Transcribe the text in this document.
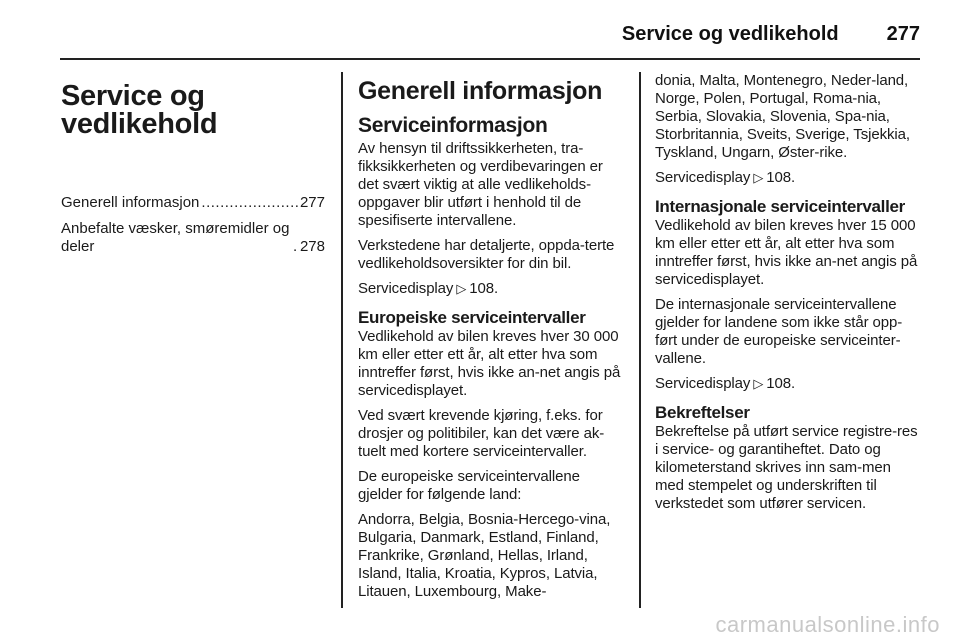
Service og vedlikehold 277
Service og vedlikehold
Generell informasjon .....	277
Anbefalte væsker, smøremidler og deler .....	278
Generell informasjon
Serviceinformasjon

Av hensyn til driftssikkerheten, tra-fikksikkerheten og verdibevaringen er det svært viktig at alle vedlikeholds-oppgaver blir utført i henhold til de spesifiserte intervallene.

Verkstedene har detaljerte, oppda-terte vedlikeholdsoversikter for din bil.

Servicedisplay ▷ 108.

Europeiske serviceintervaller

Vedlikehold av bilen kreves hver 30 000 km eller etter ett år, alt etter hva som inntreffer først, hvis ikke an-net angis på servicedisplayet.

Ved svært krevende kjøring, f.eks. for drosjer og politibiler, kan det være ak-tuelt med kortere serviceintervaller.

De europeiske serviceintervallene gjelder for følgende land:

Andorra, Belgia, Bosnia-Hercego-vina, Bulgaria, Danmark, Estland, Finland, Frankrike, Grønland, Hellas, Irland, Island, Italia, Kroatia, Kypros, Latvia, Litauen, Luxembourg, Make-

donia, Malta, Montenegro, Neder-land, Norge, Polen, Portugal, Roma-nia, Serbia, Slovakia, Slovenia, Spa-nia, Storbritannia, Sveits, Sverige, Tsjekkia, Tyskland, Ungarn, Øster-rike.

Servicedisplay ▷ 108.

Internasjonale serviceintervaller

Vedlikehold av bilen kreves hver 15 000 km eller etter ett år, alt etter hva som inntreffer først, hvis ikke an-net angis på servicedisplayet.

De internasjonale serviceintervallene gjelder for landene som ikke står opp-ført under de europeiske serviceinter-vallene.

Servicedisplay ▷ 108.

Bekreftelser

Bekreftelse på utført service registre-res i service- og garantiheftet. Dato og kilometerstand skrives inn sam-men med stempelet og underskriften til verkstedet som utfører servicen.

carmanualsonline.info
